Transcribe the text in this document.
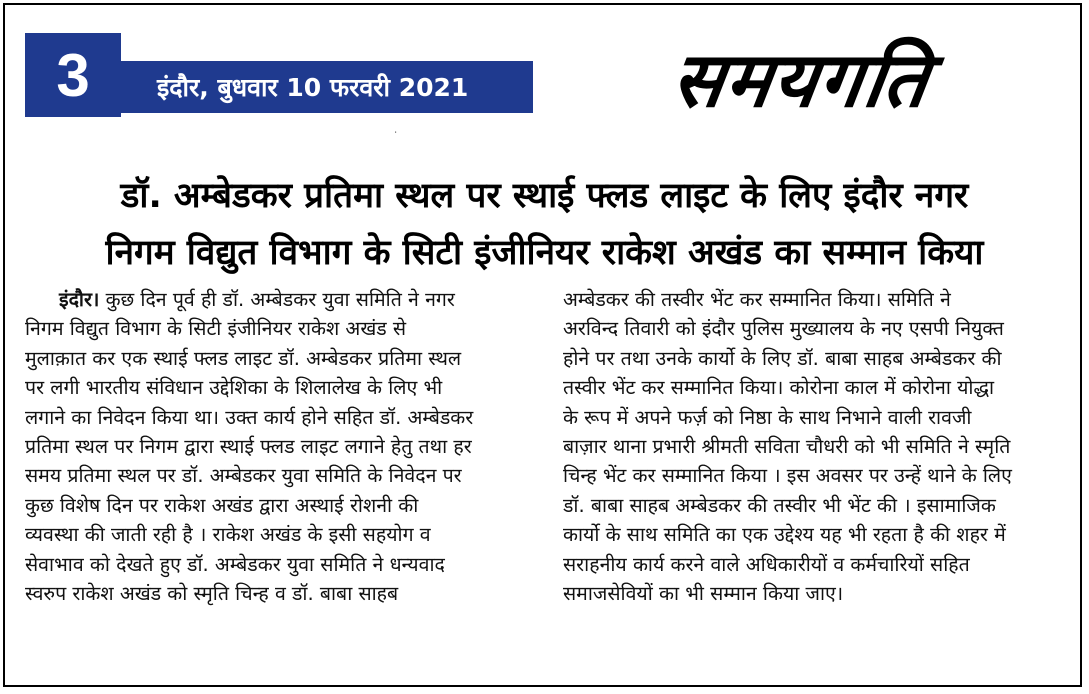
3	इंदौर, बुधवार 10 फरवरी 2021	समयगति
ॱ
डॉ. अम्बेडकर प्रतिमा स्थल पर स्थाई फ्लड लाइट के लिए इंदौर नगर
निगम विद्युत विभाग के सिटी इंजीनियर राकेश अखंड का सम्मान किया
इंदौर। कुछ दिन पूर्व ही डॉ. अम्बेडकर युवा समिति ने नगर
निगम विद्युत विभाग के सिटी इंजीनियर राकेश अखंड से
मुलाक़ात कर एक स्थाई फ्लड लाइट डॉ. अम्बेडकर प्रतिमा स्थल
पर लगी भारतीय संविधान उद्देशिका के शिलालेख के लिए भी
लगाने का निवेदन किया था। उक्त कार्य होने सहित डॉ. अम्बेडकर
प्रतिमा स्थल पर निगम द्वारा स्थाई फ्लड लाइट लगाने हेतु तथा हर
समय प्रतिमा स्थल पर डॉ. अम्बेडकर युवा समिति के निवेदन पर
कुछ विशेष दिन पर राकेश अखंड द्वारा अस्थाई रोशनी की
व्यवस्था की जाती रही है । राकेश अखंड के इसी सहयोग व
सेवाभाव को देखते हुए डॉ. अम्बेडकर युवा समिति ने धन्यवाद
स्वरुप राकेश अखंड को स्मृति चिन्ह व डॉ. बाबा साहब
अम्बेडकर की तस्वीर भेंट कर सम्मानित किया। समिति ने
अरविन्द तिवारी को इंदौर पुलिस मुख्यालय के नए एसपी नियुक्त
होने पर तथा उनके कार्यो के लिए डॉ. बाबा साहब अम्बेडकर की
तस्वीर भेंट कर सम्मानित किया। कोरोना काल में कोरोना योद्धा
के रूप में अपने फर्ज़ को निष्ठा के साथ निभाने वाली रावजी
बाज़ार थाना प्रभारी श्रीमती सविता चौधरी को भी समिति ने स्मृति
चिन्ह भेंट कर सम्मानित किया । इस अवसर पर उन्हें थाने के लिए
डॉ. बाबा साहब अम्बेडकर की तस्वीर भी भेंट की । इसामाजिक
कार्यो के साथ समिति का एक उद्देश्य यह भी रहता है की शहर में
सराहनीय कार्य करने वाले अधिकारीयों व कर्मचारियों सहित
समाजसेवियों का भी सम्मान किया जाए।
